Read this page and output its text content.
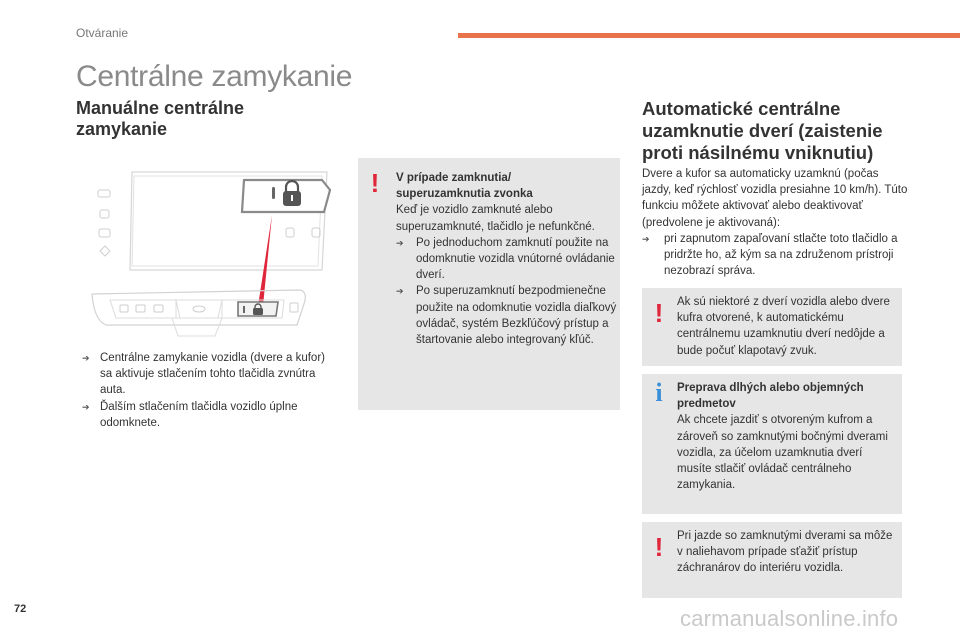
Otváranie
Centrálne zamykanie
Manuálne centrálne
zamykanie
➔ Centrálne zamykanie vozidla (dvere a kufor) sa aktivuje stlačením tohto tlačidla zvnútra auta.
➔ Ďalším stlačením tlačidla vozidlo úplne odomknete.
! V prípade zamknutia/
superuzamknutia zvonka
Keď je vozidlo zamknuté alebo superuzamknuté, tlačidlo je nefunkčné.
➔ Po jednoduchom zamknutí použite na odomknutie vozidla vnútorné ovládanie dverí.
➔ Po superuzamknutí bezpodmienečne použite na odomknutie vozidla diaľkový ovládač, systém Bezkľúčový prístup a štartovanie alebo integrovaný kľúč.
Automatické centrálne
uzamknutie dverí (zaistenie
proti násilnému vniknutiu)
Dvere a kufor sa automaticky uzamknú (počas jazdy, keď rýchlosť vozidla presiahne 10 km/h). Túto funkciu môžete aktivovať alebo deaktivovať (predvolene je aktivovaná):
➔ pri zapnutom zapaľovaní stlačte toto tlačidlo a pridržte ho, až kým sa na združenom prístroji nezobrazí správa.
! Ak sú niektoré z dverí vozidla alebo dvere kufra otvorené, k automatickému centrálnemu uzamknutiu dverí nedôjde a bude počuť klapotavý zvuk.
i Preprava dlhých alebo objemných
predmetov
Ak chcete jazdiť s otvoreným kufrom a zároveň so zamknutými bočnými dverami vozidla, za účelom uzamknutia dverí musíte stlačiť ovládač centrálneho zamykania.
! Pri jazde so zamknutými dverami sa môže v naliehavom prípade sťažiť prístup záchranárov do interiéru vozidla.
72	carmanualsonline.info
